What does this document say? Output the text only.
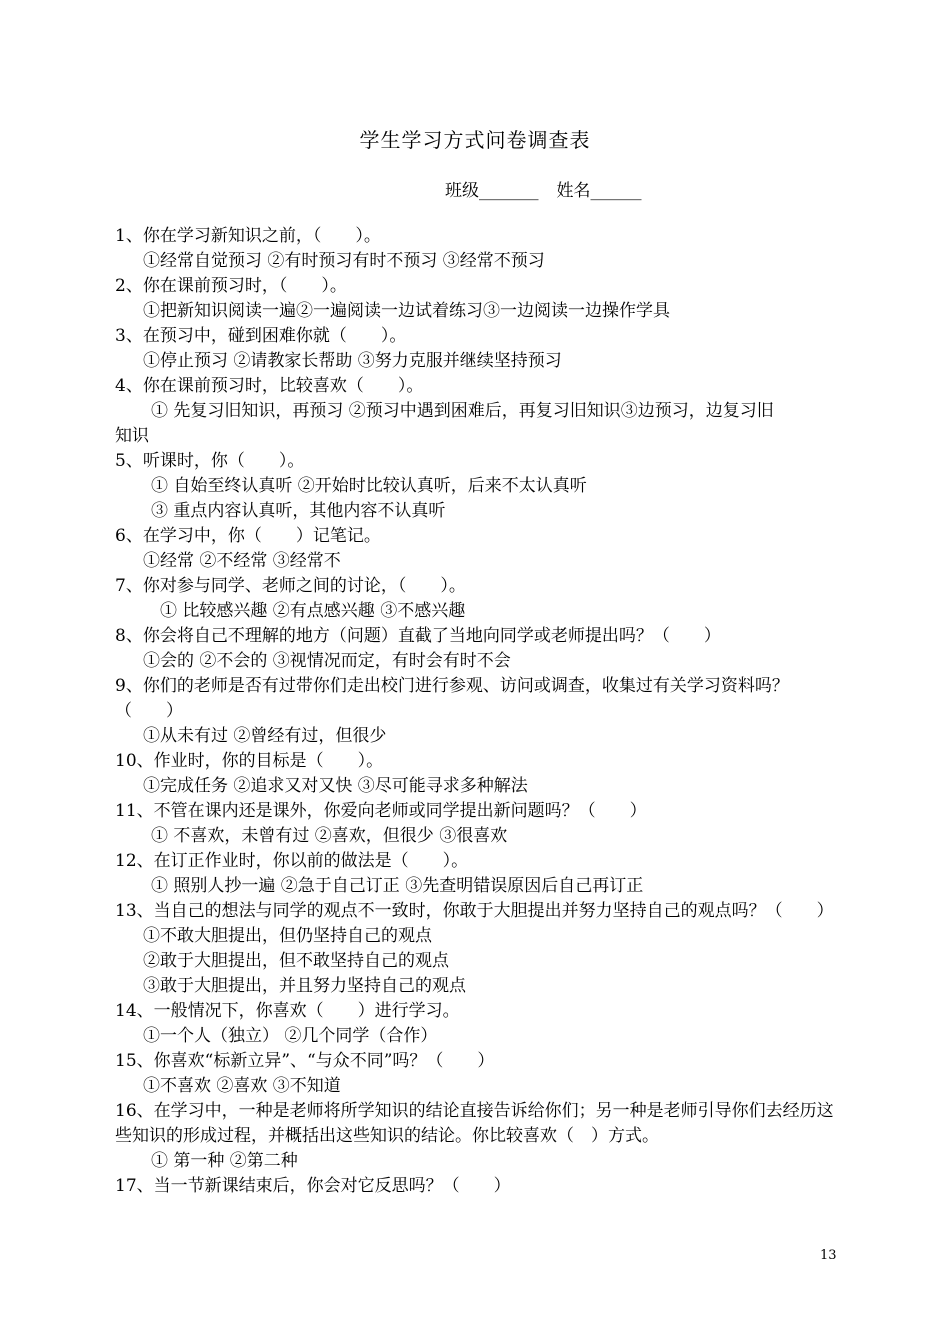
学生学习方式问卷调查表
班级_______ 姓名______
1、你在学习新知识之前，（　　）。
①经常自觉预习 ②有时预习有时不预习 ③经常不预习
2、你在课前预习时，（　　）。
①把新知识阅读一遍②一遍阅读一边试着练习③一边阅读一边操作学具
3、在预习中，碰到困难你就（　　）。
①停止预习 ②请教家长帮助 ③努力克服并继续坚持预习
4、你在课前预习时，比较喜欢（　　）。
① 先复习旧知识，再预习 ②预习中遇到困难后，再复习旧知识③边预习，边复习旧
知识
5、听课时，你（　　）。
① 自始至终认真听 ②开始时比较认真听，后来不太认真听
③ 重点内容认真听，其他内容不认真听
6、在学习中，你（　　）记笔记。
①经常 ②不经常 ③经常不
7、你对参与同学、老师之间的讨论，（　　）。
① 比较感兴趣 ②有点感兴趣 ③不感兴趣
8、你会将自己不理解的地方（问题）直截了当地向同学或老师提出吗？（　　）
①会的 ②不会的 ③视情况而定，有时会有时不会
9、你们的老师是否有过带你们走出校门进行参观、访问或调查，收集过有关学习资料吗？（　　）
①从未有过 ②曾经有过，但很少
10、作业时，你的目标是（　　）。
①完成任务 ②追求又对又快 ③尽可能寻求多种解法
11、不管在课内还是课外，你爱向老师或同学提出新问题吗？（　　）
① 不喜欢，未曾有过 ②喜欢，但很少 ③很喜欢
12、在订正作业时，你以前的做法是（　　）。
① 照别人抄一遍 ②急于自己订正 ③先查明错误原因后自己再订正
13、当自己的想法与同学的观点不一致时，你敢于大胆提出并努力坚持自己的观点吗？（　　）
①不敢大胆提出，但仍坚持自己的观点
②敢于大胆提出，但不敢坚持自己的观点
③敢于大胆提出，并且努力坚持自己的观点
14、一般情况下，你喜欢（　　）进行学习。
①一个人（独立） ②几个同学（合作）
15、你喜欢“标新立异”、“与众不同”吗？（　　）
①不喜欢 ②喜欢 ③不知道
16、在学习中，一种是老师将所学知识的结论直接告诉给你们；另一种是老师引导你们去经历这些知识的形成过程，并概括出这些知识的结论。你比较喜欢（　）方式。
① 第一种 ②第二种
17、当一节新课结束后，你会对它反思吗？（　　）
13
